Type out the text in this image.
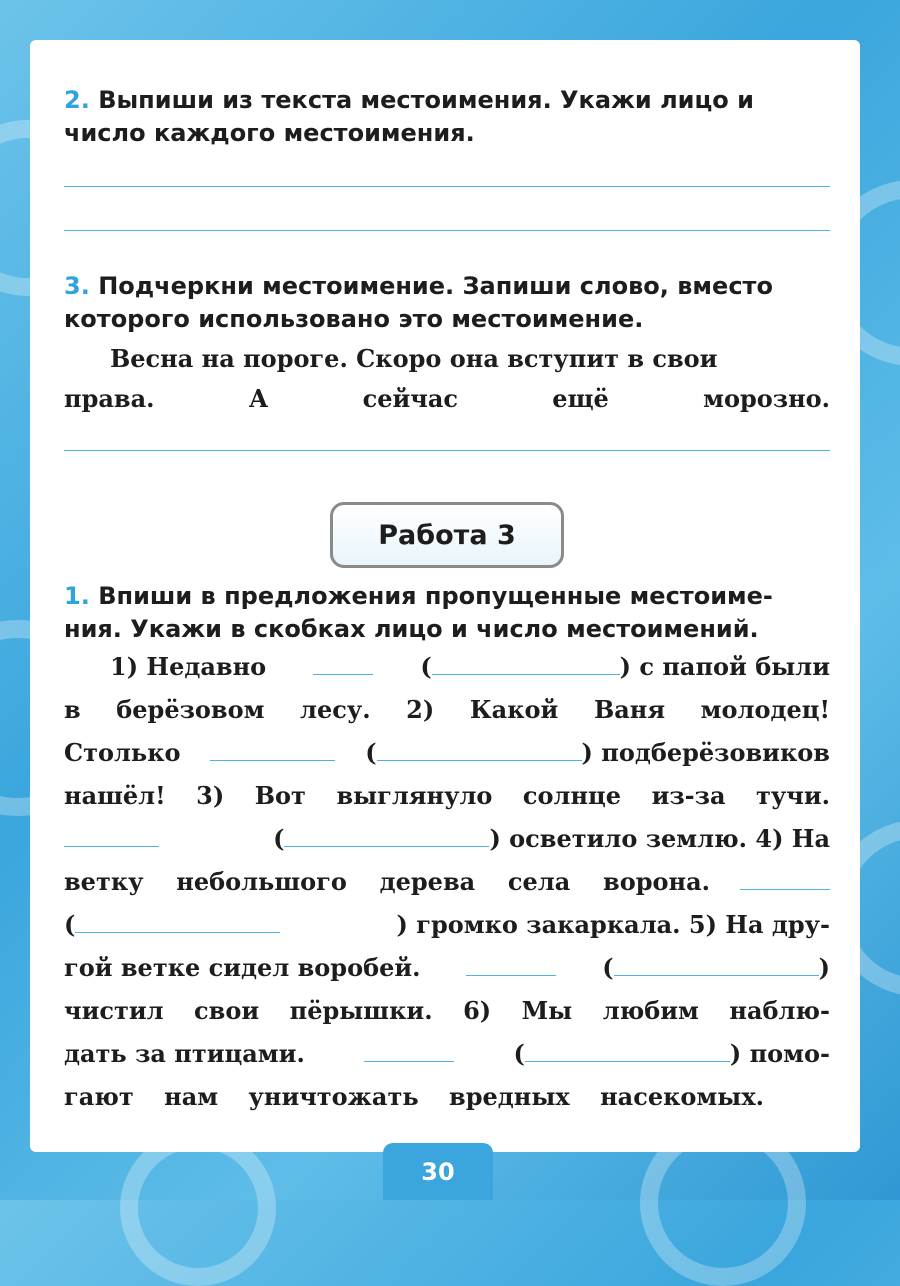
2. Выпиши из текста местоимения. Укажи лицо и
число каждого местоимения.
3. Подчеркни местоимение. Запиши слово, вместо
которого использовано это местоимение.
Весна на пороге. Скоро она вступит в свои
права. А сейчас ещё морозно.
Работа 3
1. Впиши в предложения пропущенные местоиме-
ния. Укажи в скобках лицо и число местоимений.
1) Недавно	(	) с папой были
в берёзовом лесу. 2) Какой Ваня молодец!
Столько	(	) подберёзовиков
нашёл! 3) Вот выглянуло солнце из-за тучи.
(	) осветило землю. 4) На
ветку небольшого дерева села ворона.
(	) громко закаркала. 5) На дру-
гой ветке сидел воробей.	(	)
чистил свои пёрышки. 6) Мы любим наблю-
дать за птицами.	(	) помо-
гают нам уничтожать вредных насекомых.
30
